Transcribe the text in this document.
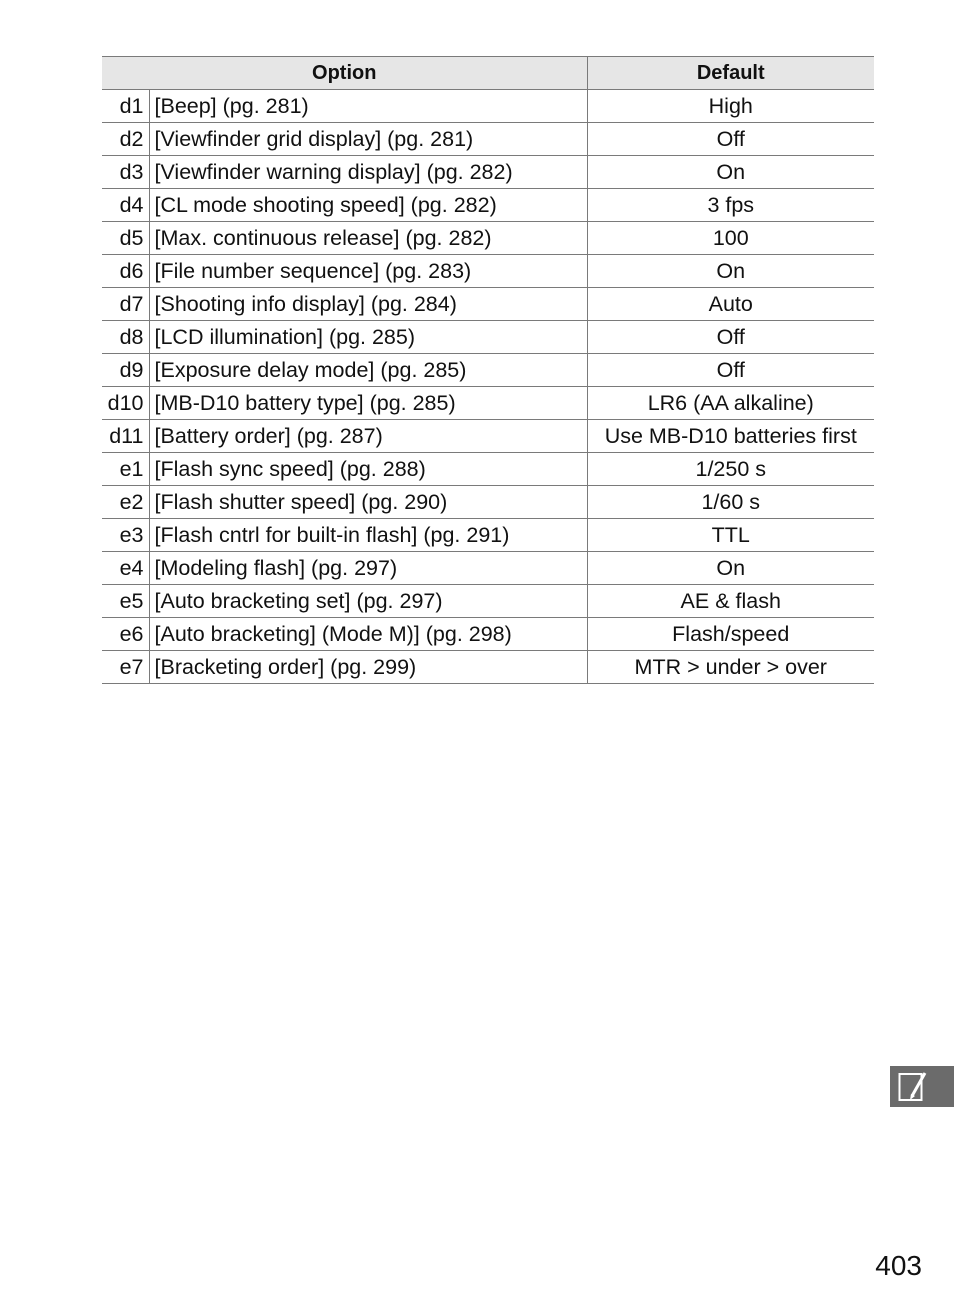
Option		Default
d1	[Beep] (pg. 281)	High
d2	[Viewfinder grid display] (pg. 281)	Off
d3	[Viewfinder warning display] (pg. 282)	On
d4	[CL mode shooting speed] (pg. 282)	3 fps
d5	[Max. continuous release] (pg. 282)	100
d6	[File number sequence] (pg. 283)	On
d7	[Shooting info display] (pg. 284)	Auto
d8	[LCD illumination] (pg. 285)	Off
d9	[Exposure delay mode] (pg. 285)	Off
d10	[MB-D10 battery type] (pg. 285)	LR6 (AA alkaline)
d11	[Battery order] (pg. 287)	Use MB-D10 batteries first
e1	[Flash sync speed] (pg. 288)	1/250 s
e2	[Flash shutter speed] (pg. 290)	1/60 s
e3	[Flash cntrl for built-in flash] (pg. 291)	TTL
e4	[Modeling flash] (pg. 297)	On
e5	[Auto bracketing set] (pg. 297)	AE & flash
e6	[Auto bracketing] (Mode M)] (pg. 298)	Flash/speed
e7	[Bracketing order] (pg. 299)	MTR > under > over
403
